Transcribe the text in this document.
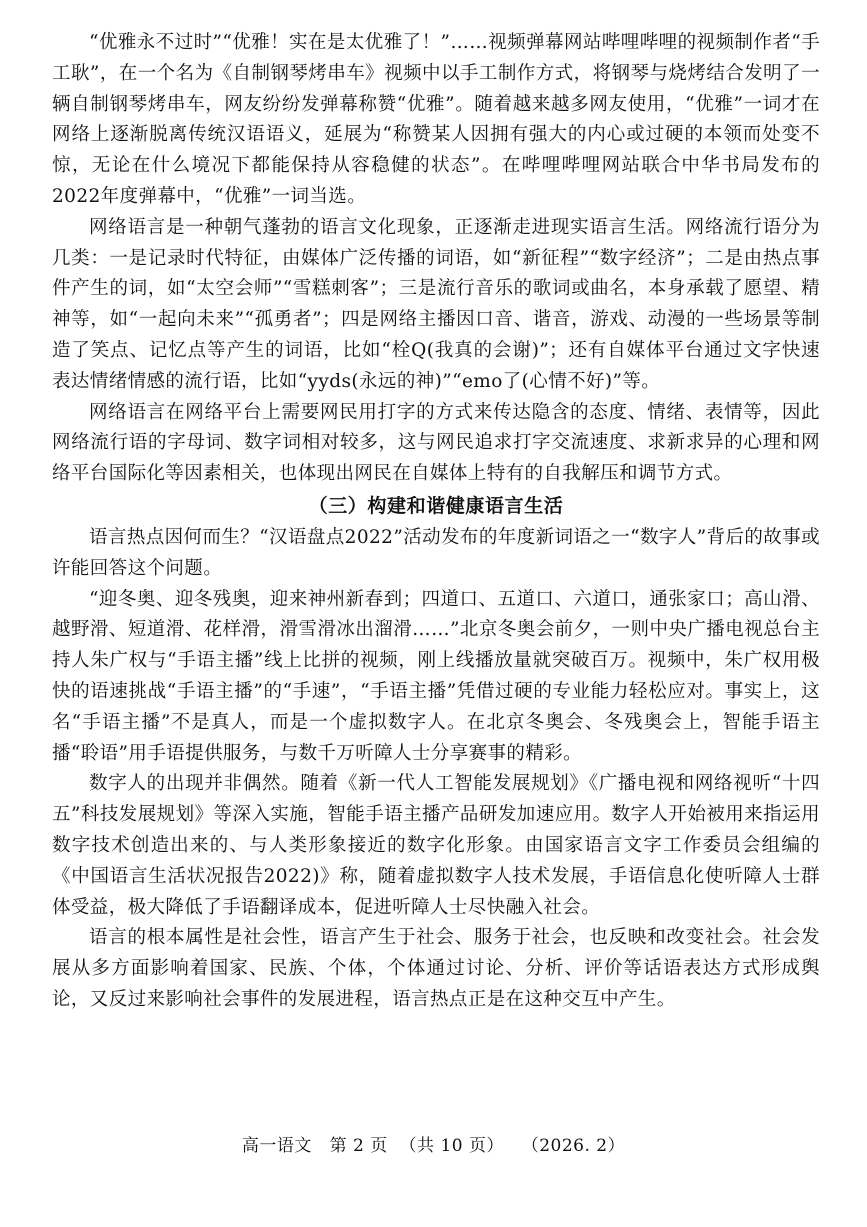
“优雅永不过时”“优雅！实在是太优雅了！”……视频弹幕网站哔哩哔哩的视频制作者“手工耿”，在一个名为《自制钢琴烤串车》视频中以手工制作方式，将钢琴与烧烤结合发明了一辆自制钢琴烤串车，网友纷纷发弹幕称赞“优雅”。随着越来越多网友使用，“优雅”一词才在网络上逐渐脱离传统汉语语义，延展为“称赞某人因拥有强大的内心或过硬的本领而处变不惊，无论在什么境况下都能保持从容稳健的状态”。在哔哩哔哩网站联合中华书局发布的2022年度弹幕中，“优雅”一词当选。

网络语言是一种朝气蓬勃的语言文化现象，正逐渐走进现实语言生活。网络流行语分为几类：一是记录时代特征，由媒体广泛传播的词语，如“新征程”“数字经济”；二是由热点事件产生的词，如“太空会师”“雪糕刺客”；三是流行音乐的歌词或曲名，本身承载了愿望、精神等，如“一起向未来”“孤勇者”；四是网络主播因口音、谐音，游戏、动漫的一些场景等制造了笑点、记忆点等产生的词语，比如“栓Q(我真的会谢)”；还有自媒体平台通过文字快速表达情绪情感的流行语，比如“yyds(永远的神)”“emo了(心情不好)”等。

网络语言在网络平台上需要网民用打字的方式来传达隐含的态度、情绪、表情等，因此网络流行语的字母词、数字词相对较多，这与网民追求打字交流速度、求新求异的心理和网络平台国际化等因素相关，也体现出网民在自媒体上特有的自我解压和调节方式。

（三）构建和谐健康语言生活

语言热点因何而生？“汉语盘点2022”活动发布的年度新词语之一“数字人”背后的故事或许能回答这个问题。

“迎冬奥、迎冬残奥，迎来神州新春到；四道口、五道口、六道口，通张家口；高山滑、越野滑、短道滑、花样滑，滑雪滑冰出溜滑……”北京冬奥会前夕，一则中央广播电视总台主持人朱广权与“手语主播”线上比拼的视频，刚上线播放量就突破百万。视频中，朱广权用极快的语速挑战“手语主播”的“手速”，“手语主播”凭借过硬的专业能力轻松应对。事实上，这名“手语主播”不是真人，而是一个虚拟数字人。在北京冬奥会、冬残奥会上，智能手语主播“聆语”用手语提供服务，与数千万听障人士分享赛事的精彩。

数字人的出现并非偶然。随着《新一代人工智能发展规划》《广播电视和网络视听“十四五”科技发展规划》等深入实施，智能手语主播产品研发加速应用。数字人开始被用来指运用数字技术创造出来的、与人类形象接近的数字化形象。由国家语言文字工作委员会组编的《中国语言生活状况报告2022)》称，随着虚拟数字人技术发展，手语信息化使听障人士群体受益，极大降低了手语翻译成本，促进听障人士尽快融入社会。

语言的根本属性是社会性，语言产生于社会、服务于社会，也反映和改变社会。社会发展从多方面影响着国家、民族、个体，个体通过讨论、分析、评价等话语表达方式形成舆论，又反过来影响社会事件的发展进程，语言热点正是在这种交互中产生。

高一语文 第 2 页 （共 10 页） （2026. 2）
